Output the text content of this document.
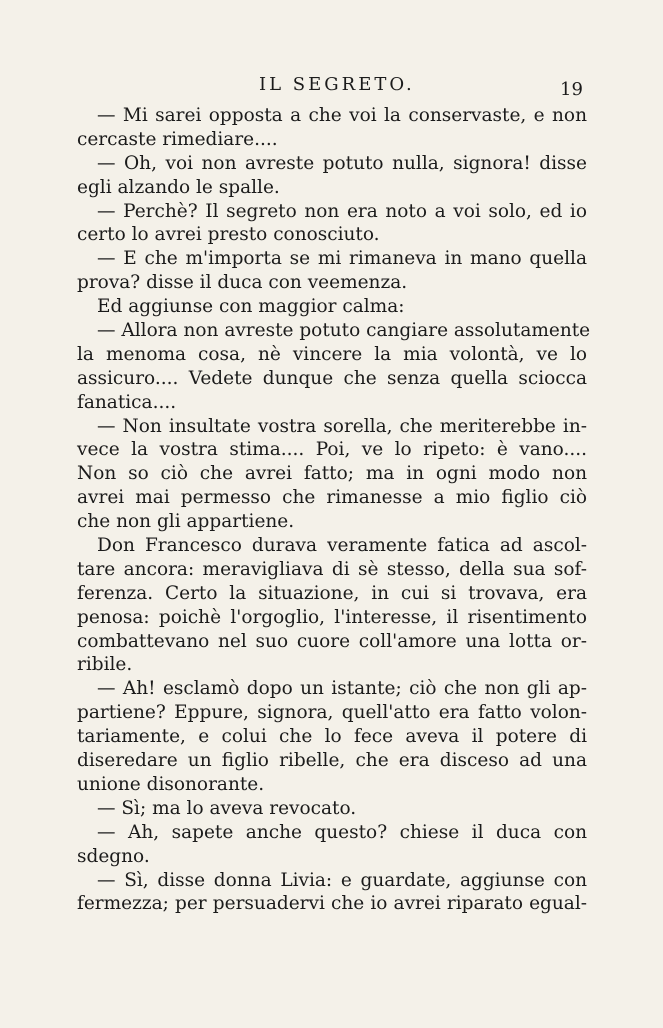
IL SEGRETO.	19
— Mi sarei opposta a che voi la conservaste, e non
cercaste rimediare....
— Oh, voi non avreste potuto nulla, signora! disse
egli alzando le spalle.
— Perchè? Il segreto non era noto a voi solo, ed io
certo lo avrei presto conosciuto.
— E che m'importa se mi rimaneva in mano quella
prova? disse il duca con veemenza.
Ed aggiunse con maggior calma:
— Allora non avreste potuto cangiare assolutamente
la menoma cosa, nè vincere la mia volontà, ve lo
assicuro.... Vedete dunque che senza quella sciocca
fanatica....
— Non insultate vostra sorella, che meriterebbe in-
vece la vostra stima.... Poi, ve lo ripeto: è vano....
Non so ciò che avrei fatto; ma in ogni modo non
avrei mai permesso che rimanesse a mio figlio ciò
che non gli appartiene.
Don Francesco durava veramente fatica ad ascol-
tare ancora: meravigliava di sè stesso, della sua sof-
ferenza. Certo la situazione, in cui si trovava, era
penosa: poichè l'orgoglio, l'interesse, il risentimento
combattevano nel suo cuore coll'amore una lotta or-
ribile.
— Ah! esclamò dopo un istante; ciò che non gli ap-
partiene? Eppure, signora, quell'atto era fatto volon-
tariamente, e colui che lo fece aveva il potere di
diseredare un figlio ribelle, che era disceso ad una
unione disonorante.
— Sì; ma lo aveva revocato.
— Ah, sapete anche questo? chiese il duca con
sdegno.
— Sì, disse donna Livia: e guardate, aggiunse con
fermezza; per persuadervi che io avrei riparato egual-
